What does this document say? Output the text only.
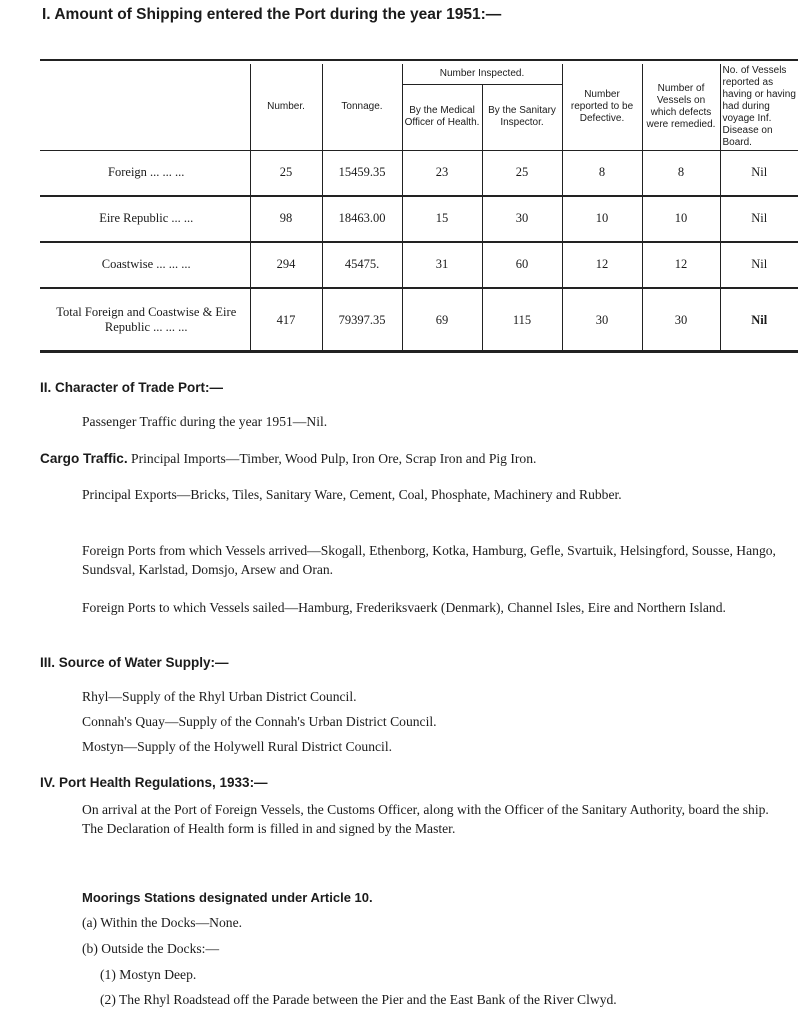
I. Amount of Shipping entered the Port during the year 1951:—
	Number.	Tonnage.	Number Inspected.		Number reported to be Defective.	Number of Vessels on which defects were remedied.	No. of Vessels reported as having or having had during voyage Inf. Disease on Board.
			By the Medical Officer of Health.	By the Sanitary Inspector.			
Foreign ... ... ...	25	15459.35	23	25	8	8	Nil
Eire Republic ... ...	98	18463.00	15	30	10	10	Nil
Coastwise ... ... ...	294	45475.	31	60	12	12	Nil
Total Foreign and Coastwise & Eire Republic ... ... ...	417	79397.35	69	115	30	30	Nil
II. Character of Trade Port:—
Passenger Traffic during the year 1951—Nil.
Cargo Traffic. Principal Imports—Timber, Wood Pulp, Iron Ore, Scrap Iron and Pig Iron.
Principal Exports—Bricks, Tiles, Sanitary Ware, Cement, Coal, Phosphate, Machinery and Rubber.
Foreign Ports from which Vessels arrived—Skogall, Ethenborg, Kotka, Hamburg, Gefle, Svartuik, Helsingford, Sousse, Hango, Sundsval, Karlstad, Domsjo, Arsew and Oran.
Foreign Ports to which Vessels sailed—Hamburg, Frederiksvaerk (Denmark), Channel Isles, Eire and Northern Island.
III. Source of Water Supply:—
Rhyl—Supply of the Rhyl Urban District Council.
Connah's Quay—Supply of the Connah's Urban District Council.
Mostyn—Supply of the Holywell Rural District Council.
IV. Port Health Regulations, 1933:—
On arrival at the Port of Foreign Vessels, the Customs Officer, along with the Officer of the Sanitary Authority, board the ship. The Declaration of Health form is filled in and signed by the Master.
Moorings Stations designated under Article 10.
(a) Within the Docks—None.
(b) Outside the Docks:—
(1) Mostyn Deep.
(2) The Rhyl Roadstead off the Parade between the Pier and the East Bank of the River Clwyd.
